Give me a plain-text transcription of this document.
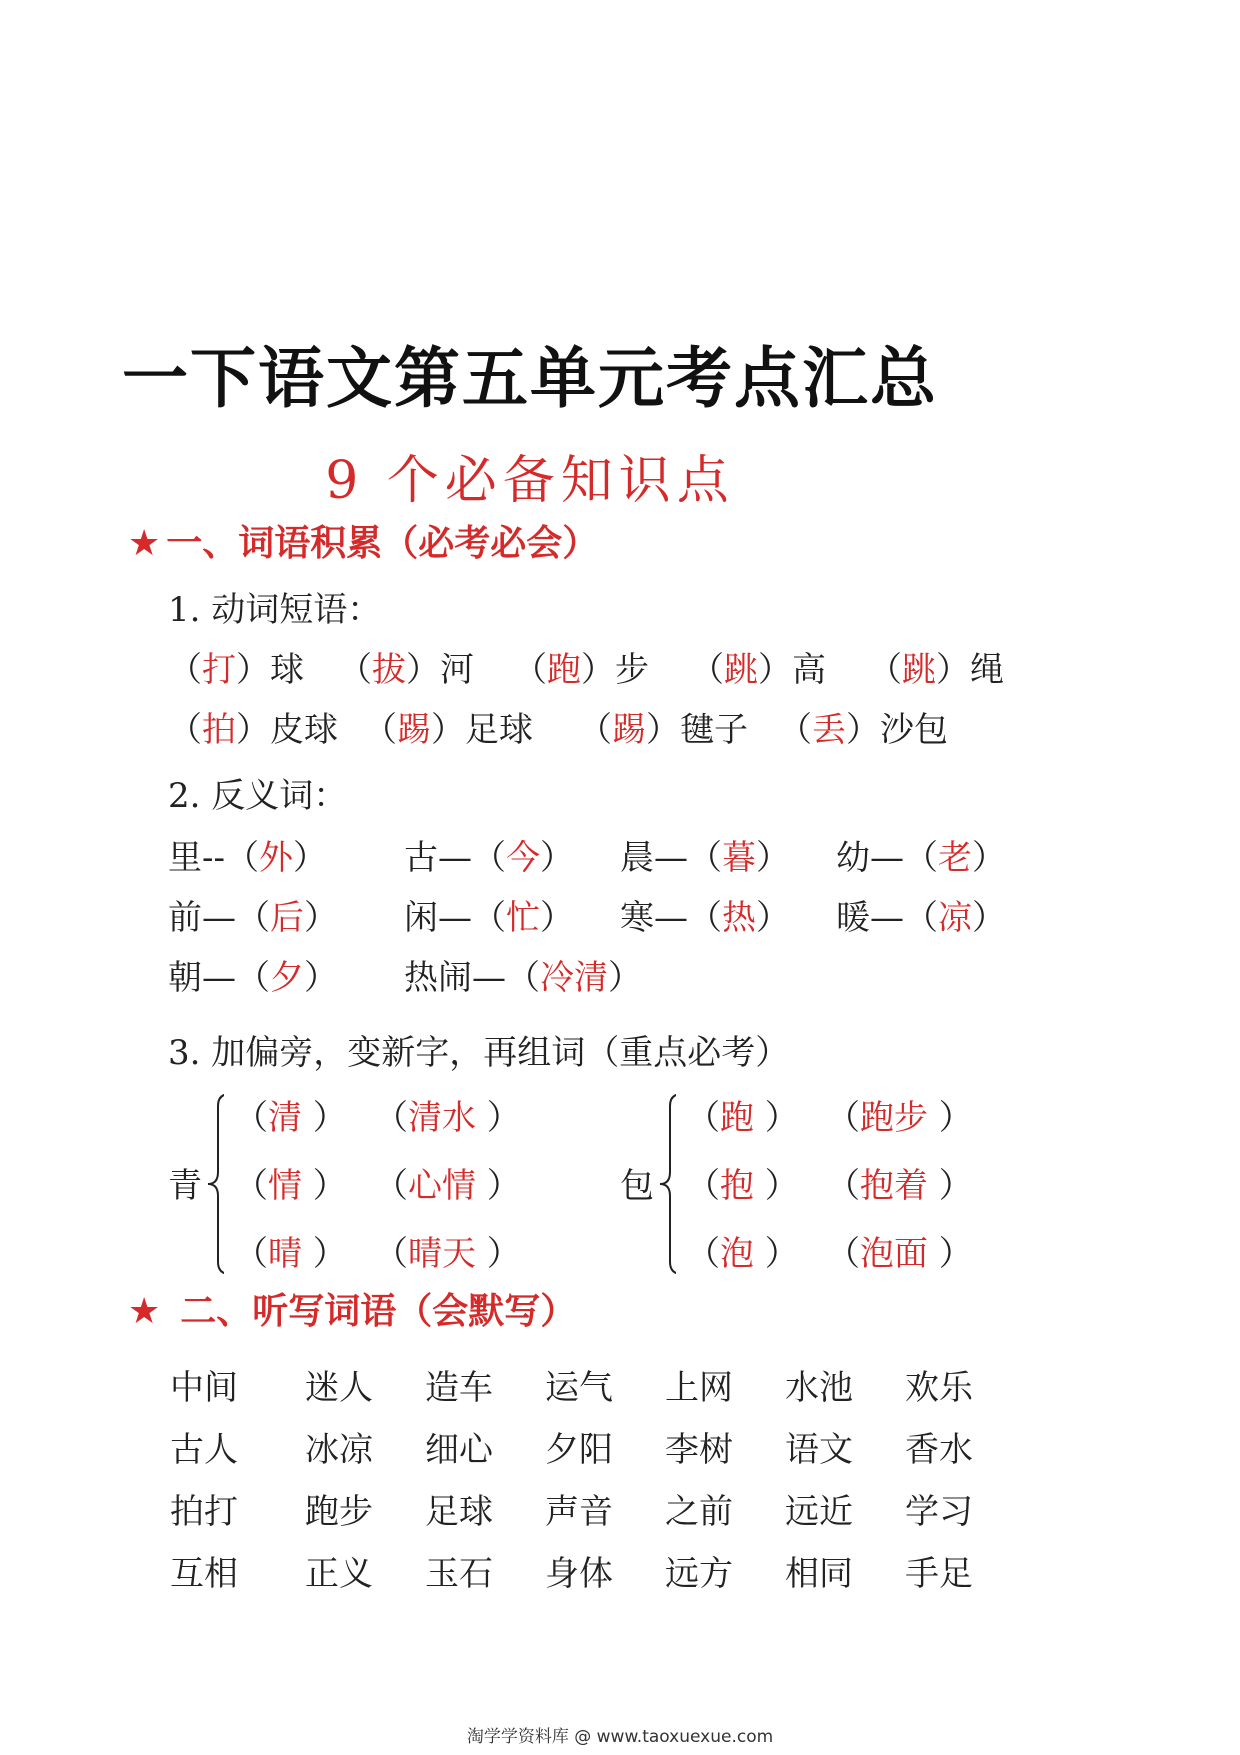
一下语文第五单元考点汇总
9 个必备知识点
★ 一、词语积累（必考必会）
1. 动词短语：
（打）球 （拔）河 （跑）步 （跳）高 （跳）绳
（拍）皮球 （踢）足球 （踢）毽子 （丢）沙包
2. 反义词：
里--（外） 古—（今） 晨—（暮） 幼—（老）
前—（后） 闲—（忙） 寒—（热） 暖—（凉）
朝—（夕） 热闹—（冷清）
3. 加偏旁，变新字，再组词（重点必考）
青
（清 ） （清水 ）
（情 ） （心情 ）
（晴 ） （晴天 ）
包
（跑 ） （跑步 ）
（抱 ） （抱着 ）
（泡 ） （泡面 ）
★ 二、听写词语（会默写）
中间 迷人 造车 运气 上网 水池 欢乐
古人 冰凉 细心 夕阳 李树 语文 香水
拍打 跑步 足球 声音 之前 远近 学习
互相 正义 玉石 身体 远方 相同 手足
淘学学资料库 @ www.taoxuexue.com
